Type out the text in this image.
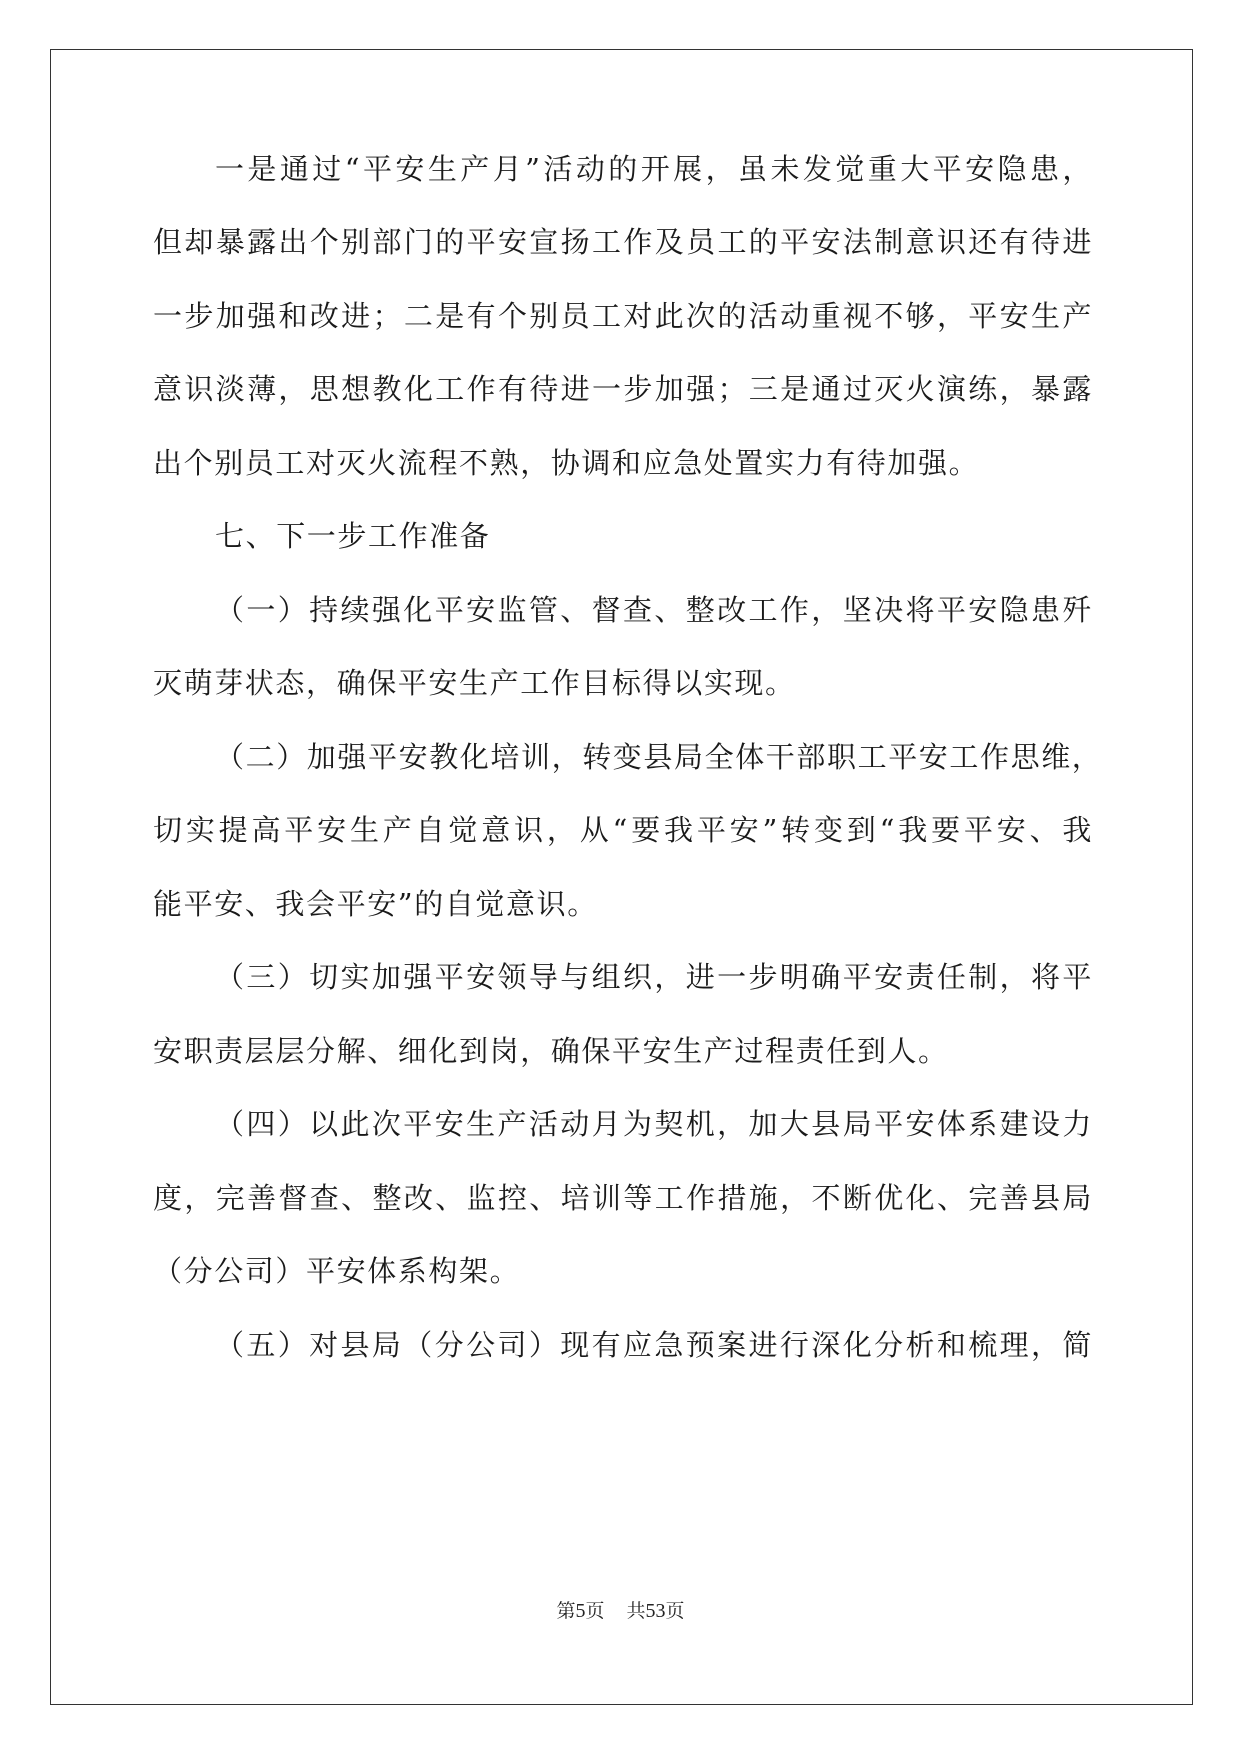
一是通过“平安生产月”活动的开展，虽未发觉重大平安隐患，
但却暴露出个别部门的平安宣扬工作及员工的平安法制意识还有待进
一步加强和改进；二是有个别员工对此次的活动重视不够，平安生产
意识淡薄，思想教化工作有待进一步加强；三是通过灭火演练，暴露
出个别员工对灭火流程不熟，协调和应急处置实力有待加强。
七、下一步工作准备
（一）持续强化平安监管、督查、整改工作，坚决将平安隐患歼
灭萌芽状态，确保平安生产工作目标得以实现。
（二）加强平安教化培训，转变县局全体干部职工平安工作思维，
切实提高平安生产自觉意识，从“要我平安”转变到“我要平安、我
能平安、我会平安”的自觉意识。
（三）切实加强平安领导与组织，进一步明确平安责任制，将平
安职责层层分解、细化到岗，确保平安生产过程责任到人。
（四）以此次平安生产活动月为契机，加大县局平安体系建设力
度，完善督查、整改、监控、培训等工作措施，不断优化、完善县局
（分公司）平安体系构架。
（五）对县局（分公司）现有应急预案进行深化分析和梳理，简
第5页 共53页
